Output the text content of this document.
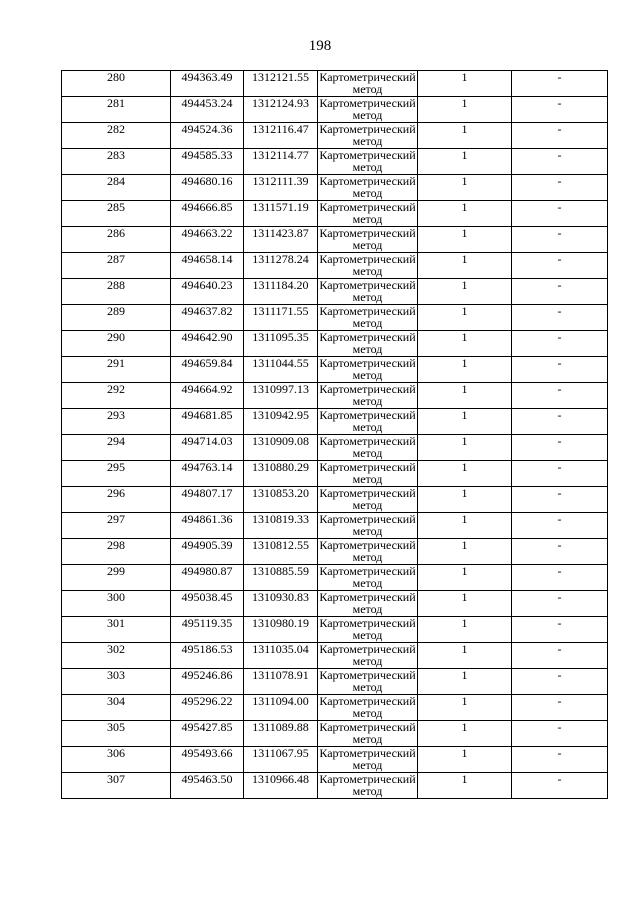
198
280	494363.49	1312121.55	Картометрический метод	1	-
281	494453.24	1312124.93	Картометрический метод	1	-
282	494524.36	1312116.47	Картометрический метод	1	-
283	494585.33	1312114.77	Картометрический метод	1	-
284	494680.16	1312111.39	Картометрический метод	1	-
285	494666.85	1311571.19	Картометрический метод	1	-
286	494663.22	1311423.87	Картометрический метод	1	-
287	494658.14	1311278.24	Картометрический метод	1	-
288	494640.23	1311184.20	Картометрический метод	1	-
289	494637.82	1311171.55	Картометрический метод	1	-
290	494642.90	1311095.35	Картометрический метод	1	-
291	494659.84	1311044.55	Картометрический метод	1	-
292	494664.92	1310997.13	Картометрический метод	1	-
293	494681.85	1310942.95	Картометрический метод	1	-
294	494714.03	1310909.08	Картометрический метод	1	-
295	494763.14	1310880.29	Картометрический метод	1	-
296	494807.17	1310853.20	Картометрический метод	1	-
297	494861.36	1310819.33	Картометрический метод	1	-
298	494905.39	1310812.55	Картометрический метод	1	-
299	494980.87	1310885.59	Картометрический метод	1	-
300	495038.45	1310930.83	Картометрический метод	1	-
301	495119.35	1310980.19	Картометрический метод	1	-
302	495186.53	1311035.04	Картометрический метод	1	-
303	495246.86	1311078.91	Картометрический метод	1	-
304	495296.22	1311094.00	Картометрический метод	1	-
305	495427.85	1311089.88	Картометрический метод	1	-
306	495493.66	1311067.95	Картометрический метод	1	-
307	495463.50	1310966.48	Картометрический метод	1	-
